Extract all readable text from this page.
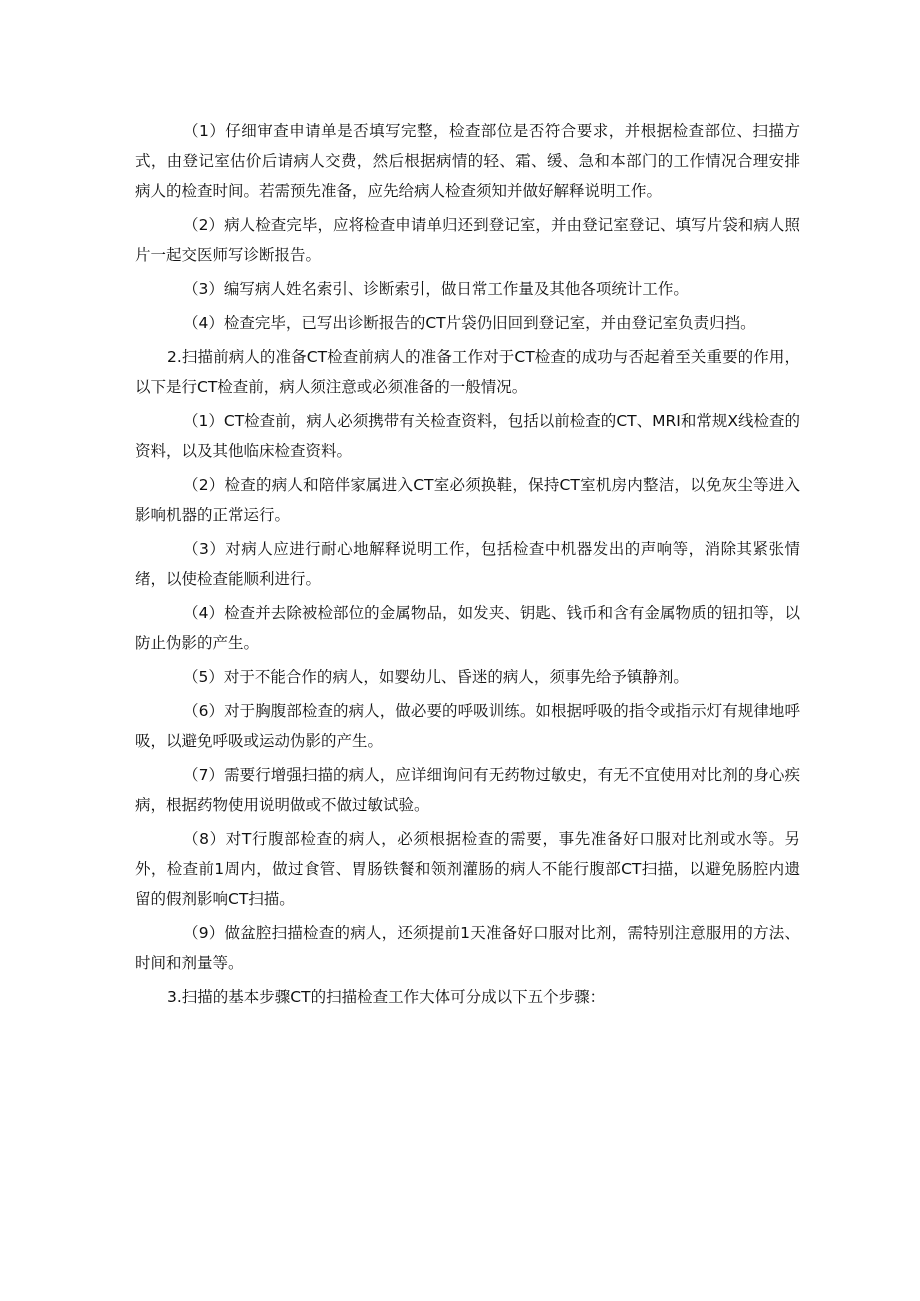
（1）仔细审查申请单是否填写完整，检查部位是否符合要求，并根据检查部位、扫描方式，由登记室估价后请病人交费，然后根据病情的轻、霜、缓、急和本部门的工作情况合理安排病人的检查时间。若需预先准备，应先给病人检查须知并做好解释说明工作。

（2）病人检查完毕，应将检查申请单归还到登记室，并由登记室登记、填写片袋和病人照片一起交医师写诊断报告。

（3）编写病人姓名索引、诊断索引，做日常工作量及其他各项统计工作。

（4）检查完毕，已写出诊断报告的CT片袋仍旧回到登记室，并由登记室负责归挡。

2.扫描前病人的准备CT检查前病人的准备工作对于CT检查的成功与否起着至关重要的作用，以下是行CT检查前，病人须注意或必须准备的一般情况。

（1）CT检查前，病人必须携带有关检查资料，包括以前检查的CT、MRI和常规X线检查的资料，以及其他临床检查资料。

（2）检查的病人和陪伴家属进入CT室必须换鞋，保持CT室机房内整洁，以免灰尘等进入影响机器的正常运行。

（3）对病人应进行耐心地解释说明工作，包括检查中机器发出的声响等，消除其紧张情绪，以使检查能顺利进行。

（4）检查并去除被检部位的金属物品，如发夹、钥匙、钱币和含有金属物质的钮扣等，以防止伪影的产生。

（5）对于不能合作的病人，如婴幼儿、昏迷的病人，须事先给予镇静剂。

（6）对于胸腹部检查的病人，做必要的呼吸训练。如根据呼吸的指令或指示灯有规律地呼吸，以避免呼吸或运动伪影的产生。

（7）需要行增强扫描的病人，应详细询问有无药物过敏史，有无不宜使用对比剂的身心疾病，根据药物使用说明做或不做过敏试验。

（8）对T行腹部检查的病人，必须根据检查的需要，事先准备好口服对比剂或水等。另外，检查前1周内，做过食管、胃肠铁餐和领剂灌肠的病人不能行腹部CT扫描，以避免肠腔内遗留的假剂影响CT扫描。

（9）做盆腔扫描检查的病人，还须提前1天准备好口服对比剂，需特别注意服用的方法、时间和剂量等。

3.扫描的基本步骤CT的扫描检查工作大体可分成以下五个步骤：
